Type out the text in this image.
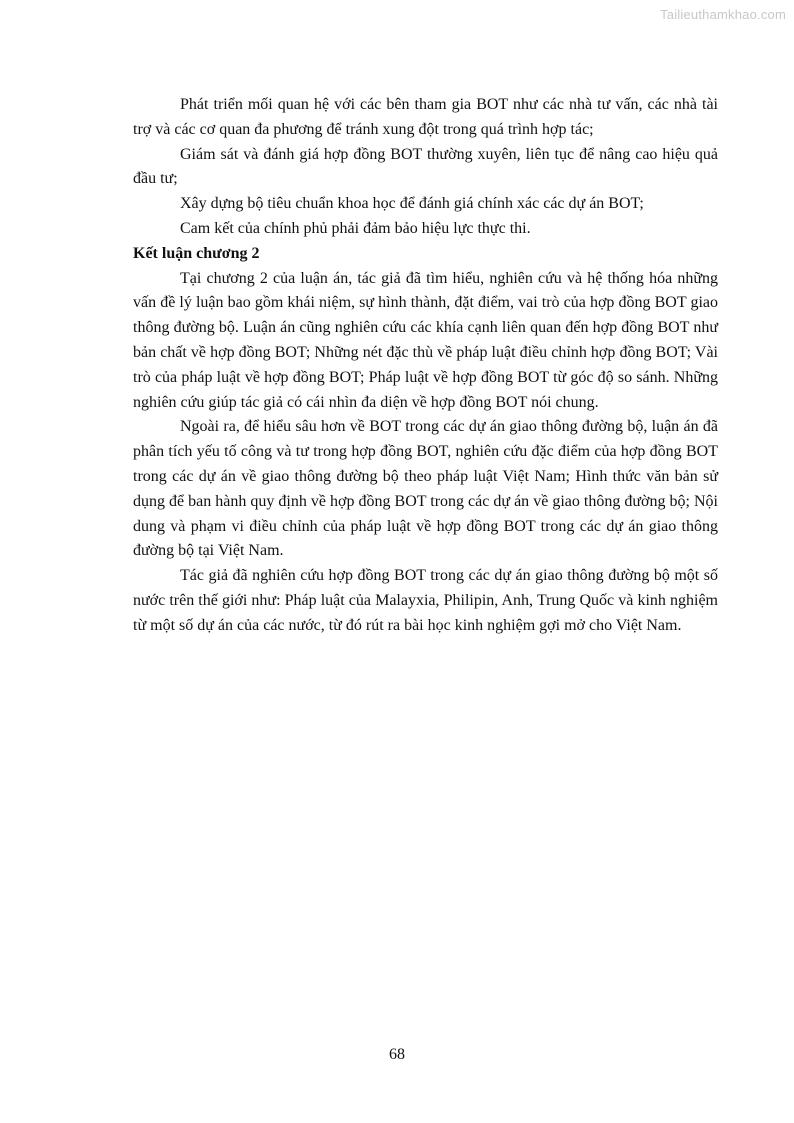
Tailieuthamkhao.com

Phát triển mối quan hệ với các bên tham gia BOT như các nhà tư vấn, các nhà tài trợ và các cơ quan đa phương để tránh xung đột trong quá trình hợp tác;

Giám sát và đánh giá hợp đồng BOT thường xuyên, liên tục để nâng cao hiệu quả đầu tư;

Xây dựng bộ tiêu chuẩn khoa học để đánh giá chính xác các dự án BOT;

Cam kết của chính phủ phải đảm bảo hiệu lực thực thi.

Kết luận chương 2

Tại chương 2 của luận án, tác giả đã tìm hiểu, nghiên cứu và hệ thống hóa những vấn đề lý luận bao gồm khái niệm, sự hình thành, đặt điểm, vai trò của hợp đồng BOT giao thông đường bộ. Luận án cũng nghiên cứu các khía cạnh liên quan đến hợp đồng BOT như bản chất về hợp đồng BOT; Những nét đặc thù về pháp luật điều chỉnh hợp đồng BOT; Vài trò của pháp luật về hợp đồng BOT; Pháp luật về hợp đồng BOT từ góc độ so sánh. Những nghiên cứu giúp tác giả có cái nhìn đa diện về hợp đồng BOT nói chung.

Ngoài ra, để hiểu sâu hơn về BOT trong các dự án giao thông đường bộ, luận án đã phân tích yếu tố công và tư trong hợp đồng BOT, nghiên cứu đặc điểm của hợp đồng BOT trong các dự án về giao thông đường bộ theo pháp luật Việt Nam; Hình thức văn bản sử dụng để ban hành quy định về hợp đồng BOT trong các dự án về giao thông đường bộ; Nội dung và phạm vi điều chỉnh của pháp luật về hợp đồng BOT trong các dự án giao thông đường bộ tại Việt Nam.

Tác giả đã nghiên cứu hợp đồng BOT trong các dự án giao thông đường bộ một số nước trên thế giới như: Pháp luật của Malayxia, Philipin, Anh, Trung Quốc và kinh nghiệm từ một số dự án của các nước, từ đó rút ra bài học kinh nghiệm gợi mở cho Việt Nam.

68
